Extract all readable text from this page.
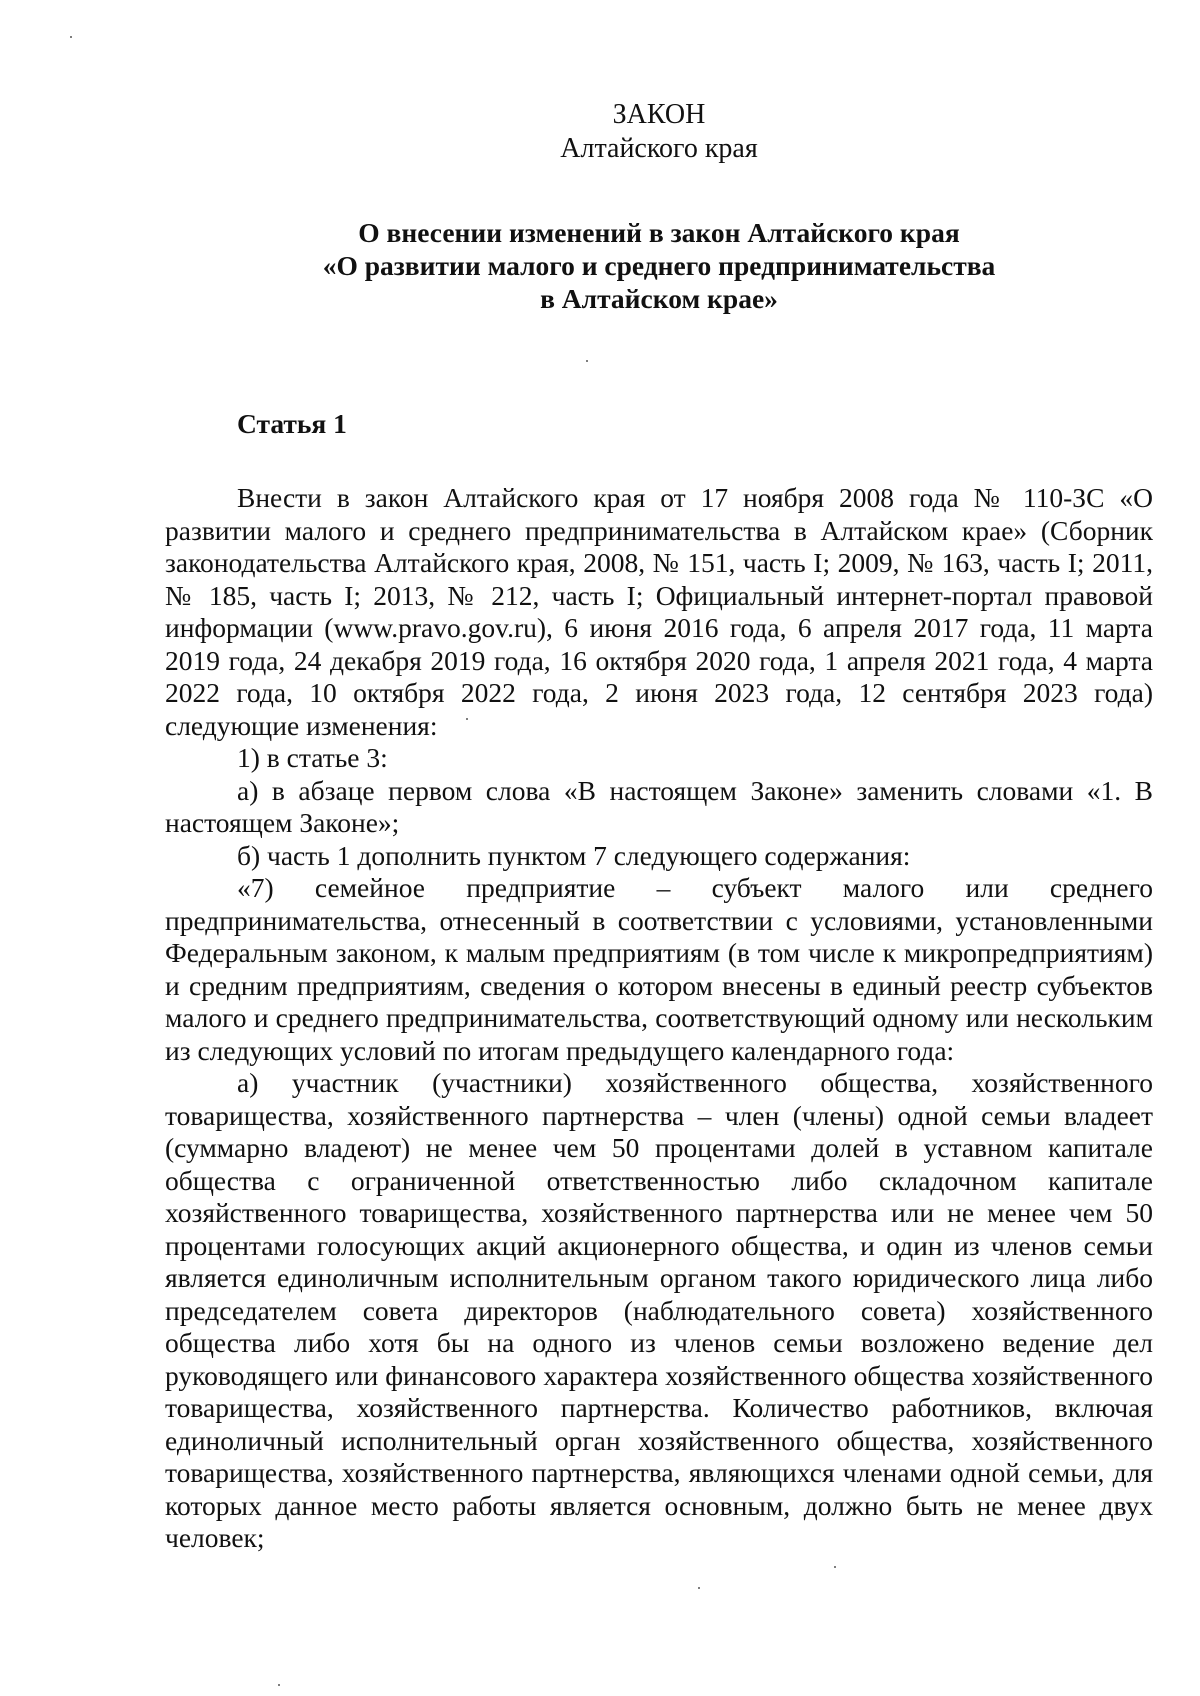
ЗАКОН
Алтайского края
О внесении изменений в закон Алтайского края
«О развитии малого и среднего предпринимательства
в Алтайском крае»
Статья 1

Внести в закон Алтайского края от 17 ноября 2008 года № 110-ЗС «О развитии малого и среднего предпринимательства в Алтайском крае» (Сборник законодательства Алтайского края, 2008, № 151, часть I; 2009, № 163, часть I; 2011, № 185, часть I; 2013, № 212, часть I; Официальный интернет-портал правовой информации (www.pravo.gov.ru), 6 июня 2016 года, 6 апреля 2017 года, 11 марта 2019 года, 24 декабря 2019 года, 16 октября 2020 года, 1 апреля 2021 года, 4 марта 2022 года, 10 октября 2022 года, 2 июня 2023 года, 12 сентября 2023 года) следующие изменения:

1) в статье 3:

а) в абзаце первом слова «В настоящем Законе» заменить словами «1. В настоящем Законе»;

б) часть 1 дополнить пунктом 7 следующего содержания:

«7) семейное предприятие – субъект малого или среднего предпринимательства, отнесенный в соответствии с условиями, установленными Федеральным законом, к малым предприятиям (в том числе к микропредприятиям) и средним предприятиям, сведения о котором внесены в единый реестр субъектов малого и среднего предпринимательства, соответствующий одному или нескольким из следующих условий по итогам предыдущего календарного года:

а) участник (участники) хозяйственного общества, хозяйственного товарищества, хозяйственного партнерства – член (члены) одной семьи владеет (суммарно владеют) не менее чем 50 процентами долей в уставном капитале общества с ограниченной ответственностью либо складочном капитале хозяйственного товарищества, хозяйственного партнерства или не менее чем 50 процентами голосующих акций акционерного общества, и один из членов семьи является единоличным исполнительным органом такого юридического лица либо председателем совета директоров (наблюдательного совета) хозяйственного общества либо хотя бы на одного из членов семьи возложено ведение дел руководящего или финансового характера хозяйственного общества хозяйственного товарищества, хозяйственного партнерства. Количество работников, включая единоличный исполнительный орган хозяйственного общества, хозяйственного товарищества, хозяйственного партнерства, являющихся членами одной семьи, для которых данное место работы является основным, должно быть не менее двух человек;
